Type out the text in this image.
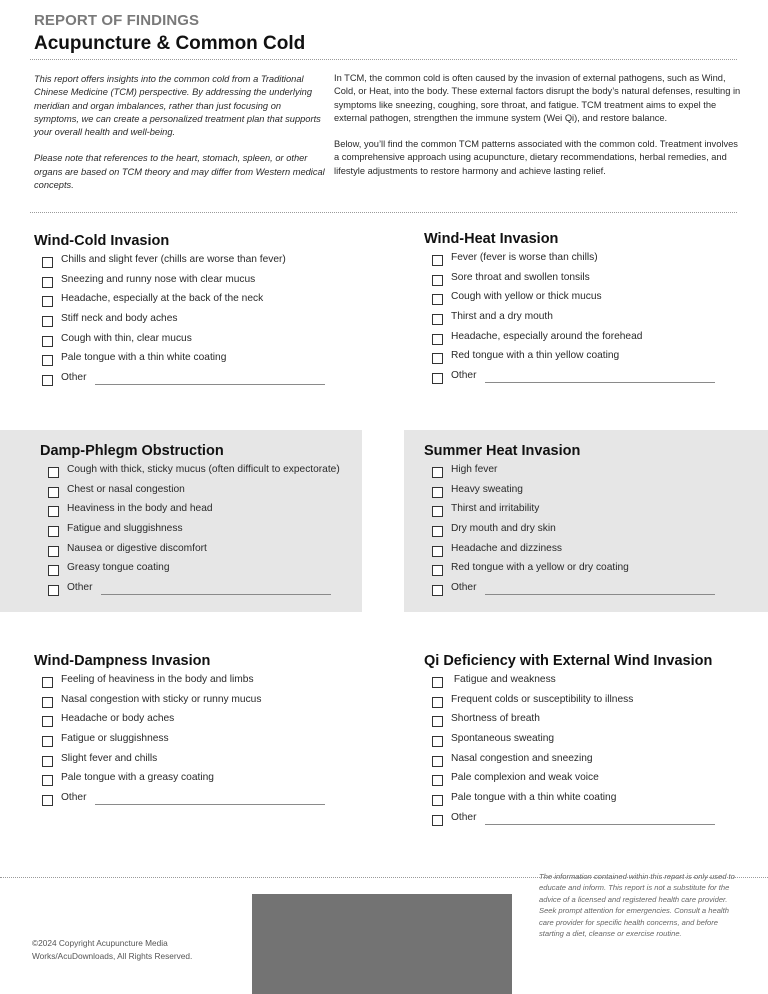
REPORT OF FINDINGS
Acupuncture & Common Cold

This report offers insights into the common cold from a Traditional Chinese Medicine (TCM) perspective. By addressing the underlying meridian and organ imbalances, rather than just focusing on symptoms, we can create a personalized treatment plan that supports your overall health and well-being.

Please note that references to the heart, stomach, spleen, or other organs are based on TCM theory and may differ from Western medical concepts.

In TCM, the common cold is often caused by the invasion of external pathogens, such as Wind, Cold, or Heat, into the body. These external factors disrupt the body’s natural defenses, resulting in symptoms like sneezing, coughing, sore throat, and fatigue. TCM treatment aims to expel the external pathogen, strengthen the immune system (Wei Qi), and restore balance.

Below, you’ll find the common TCM patterns associated with the common cold. Treatment involves a comprehensive approach using acupuncture, dietary recommendations, herbal remedies, and lifestyle adjustments to restore harmony and achieve lasting relief.

Wind-Cold Invasion
Chills and slight fever (chills are worse than fever)
Sneezing and runny nose with clear mucus
Headache, especially at the back of the neck
Stiff neck and body aches
Cough with thin, clear mucus
Pale tongue with a thin white coating
Other
Wind-Heat Invasion
Fever (fever is worse than chills)
Sore throat and swollen tonsils
Cough with yellow or thick mucus
Thirst and a dry mouth
Headache, especially around the forehead
Red tongue with a thin yellow coating
Other
Damp-Phlegm Obstruction
Cough with thick, sticky mucus (often difficult to expectorate)
Chest or nasal congestion
Heaviness in the body and head
Fatigue and sluggishness
Nausea or digestive discomfort
Greasy tongue coating
Other
Summer Heat Invasion
High fever
Heavy sweating
Thirst and irritability
Dry mouth and dry skin
Headache and dizziness
Red tongue with a yellow or dry coating
Other
Wind-Dampness Invasion
Feeling of heaviness in the body and limbs
Nasal congestion with sticky or runny mucus
Headache or body aches
Fatigue or sluggishness
Slight fever and chills
Pale tongue with a greasy coating
Other
Qi Deficiency with External Wind Invasion
Fatigue and weakness
Frequent colds or susceptibility to illness
Shortness of breath
Spontaneous sweating
Nasal congestion and sneezing
Pale complexion and weak voice
Pale tongue with a thin white coating
Other
©2024 Copyright Acupuncture Media Works/AcuDownloads, All Rights Reserved.
The information contained within this report is only used to educate and inform. This report is not a substitute for the advice of a licensed and registered health care provider. Seek prompt attention for emergencies. Consult a health care provider for specific health concerns, and before starting a diet, cleanse or exercise routine.
